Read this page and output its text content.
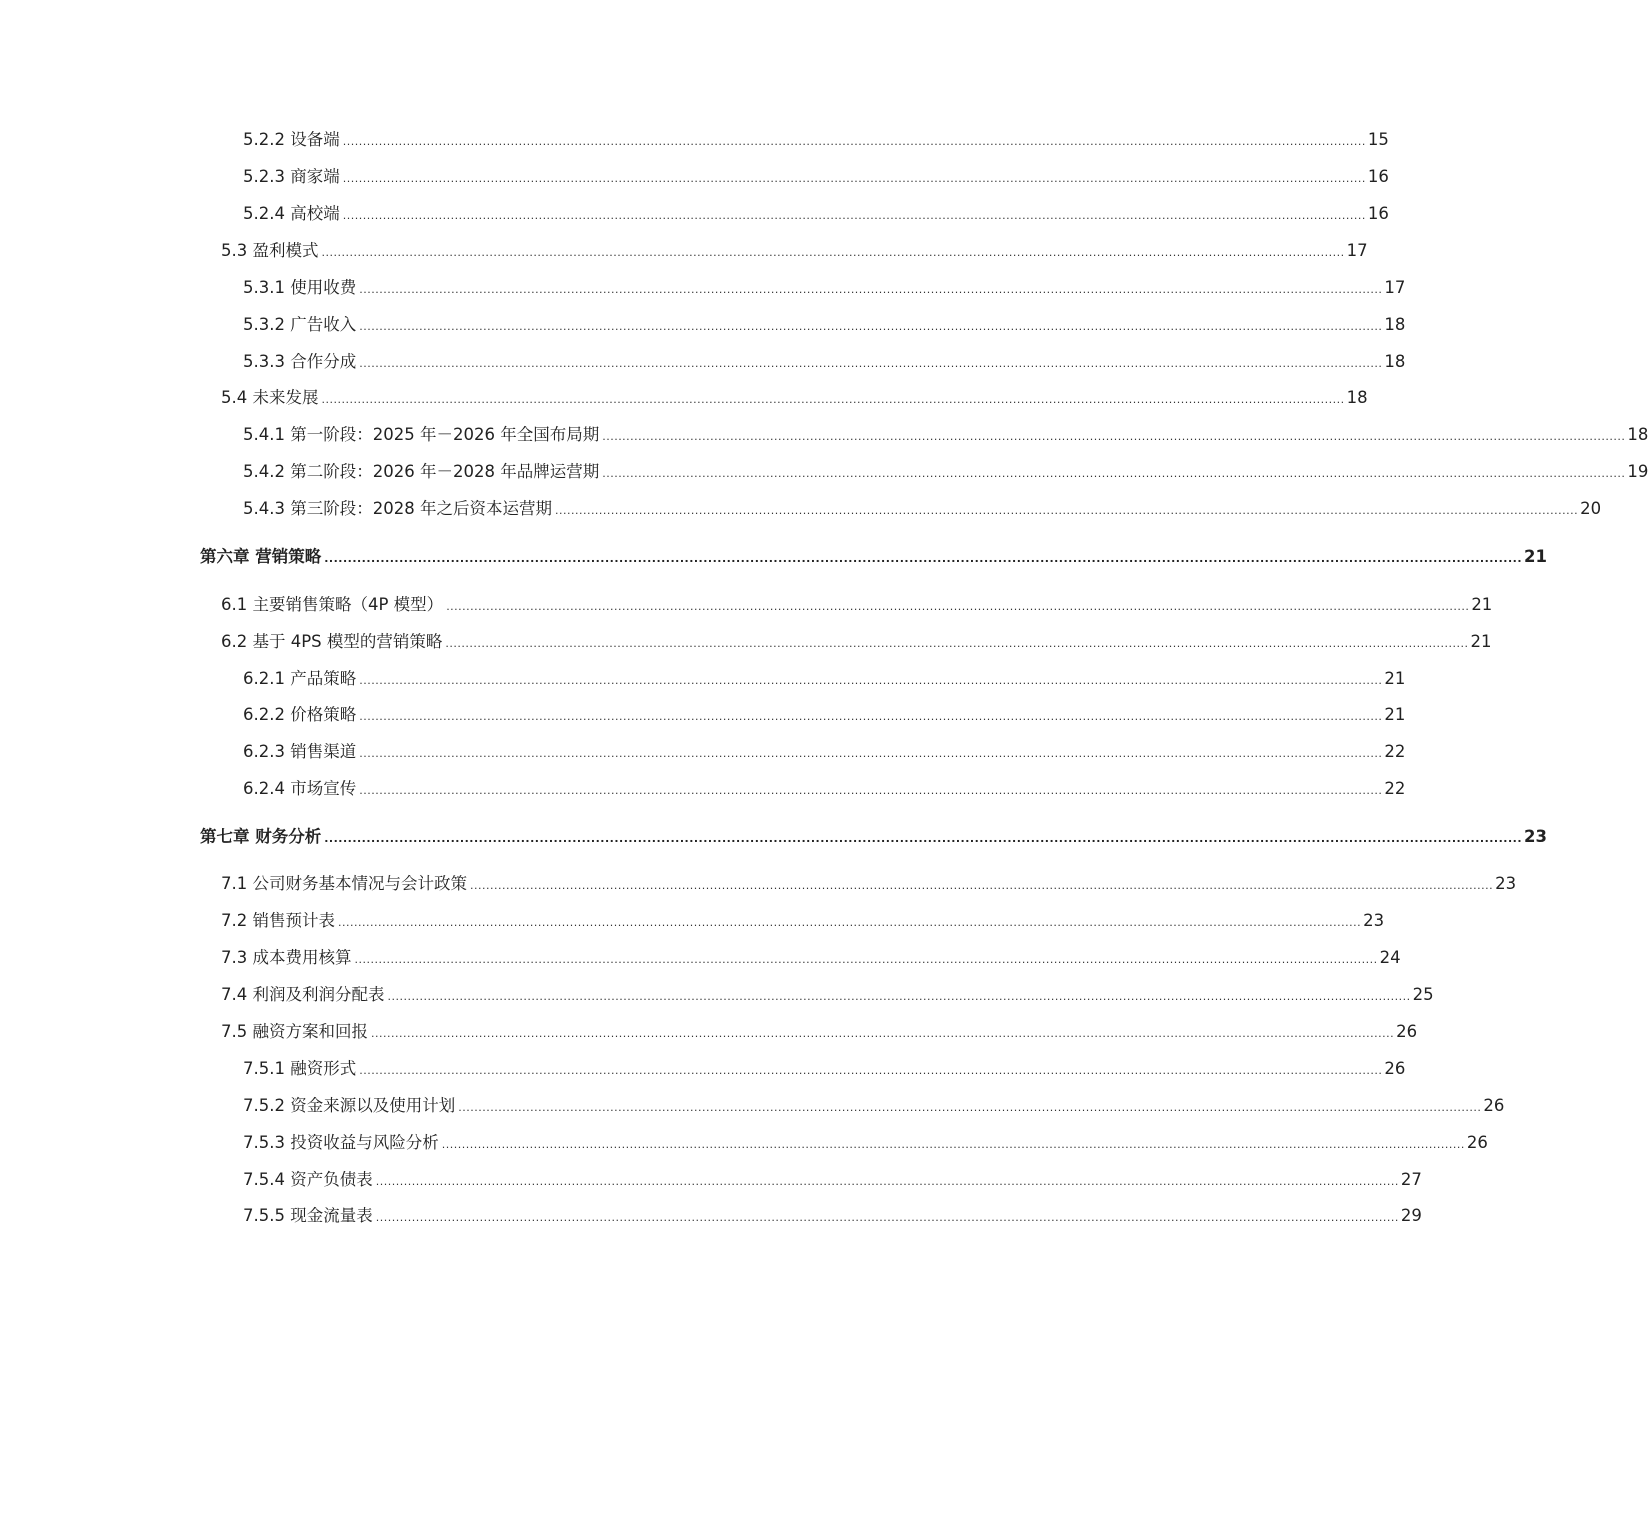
5.2.2 设备端 ................................................................................................................................................................................................................................................................ 15
5.2.3 商家端 ................................................................................................................................................................................................................................................................ 16
5.2.4 高校端 ................................................................................................................................................................................................................................................................ 16
5.3 盈利模式 ................................................................................................................................................................................................................................................................ 17
5.3.1 使用收费 ................................................................................................................................................................................................................................................................ 17
5.3.2 广告收入 ................................................................................................................................................................................................................................................................ 18
5.3.3 合作分成 ................................................................................................................................................................................................................................................................ 18
5.4 未来发展 ................................................................................................................................................................................................................................................................ 18
5.4.1 第一阶段：2025 年－2026 年全国布局期 ................................................................................................................................................................................................................................................................ 18
5.4.2 第二阶段：2026 年－2028 年品牌运营期 ................................................................................................................................................................................................................................................................ 19
5.4.3 第三阶段：2028 年之后资本运营期 ................................................................................................................................................................................................................................................................ 20
第六章 营销策略 ................................................................................................................................................................................................................................................................ 21
6.1 主要销售策略（4P 模型） ................................................................................................................................................................................................................................................................ 21
6.2 基于 4PS 模型的营销策略 ................................................................................................................................................................................................................................................................ 21
6.2.1 产品策略 ................................................................................................................................................................................................................................................................ 21
6.2.2 价格策略 ................................................................................................................................................................................................................................................................ 21
6.2.3 销售渠道 ................................................................................................................................................................................................................................................................ 22
6.2.4 市场宣传 ................................................................................................................................................................................................................................................................ 22
第七章 财务分析 ................................................................................................................................................................................................................................................................ 23
7.1 公司财务基本情况与会计政策 ................................................................................................................................................................................................................................................................ 23
7.2 销售预计表 ................................................................................................................................................................................................................................................................ 23
7.3 成本费用核算 ................................................................................................................................................................................................................................................................ 24
7.4 利润及利润分配表 ................................................................................................................................................................................................................................................................ 25
7.5 融资方案和回报 ................................................................................................................................................................................................................................................................ 26
7.5.1 融资形式 ................................................................................................................................................................................................................................................................ 26
7.5.2 资金来源以及使用计划 ................................................................................................................................................................................................................................................................ 26
7.5.3 投资收益与风险分析 ................................................................................................................................................................................................................................................................ 26
7.5.4 资产负债表 ................................................................................................................................................................................................................................................................ 27
7.5.5 现金流量表 ................................................................................................................................................................................................................................................................ 29
